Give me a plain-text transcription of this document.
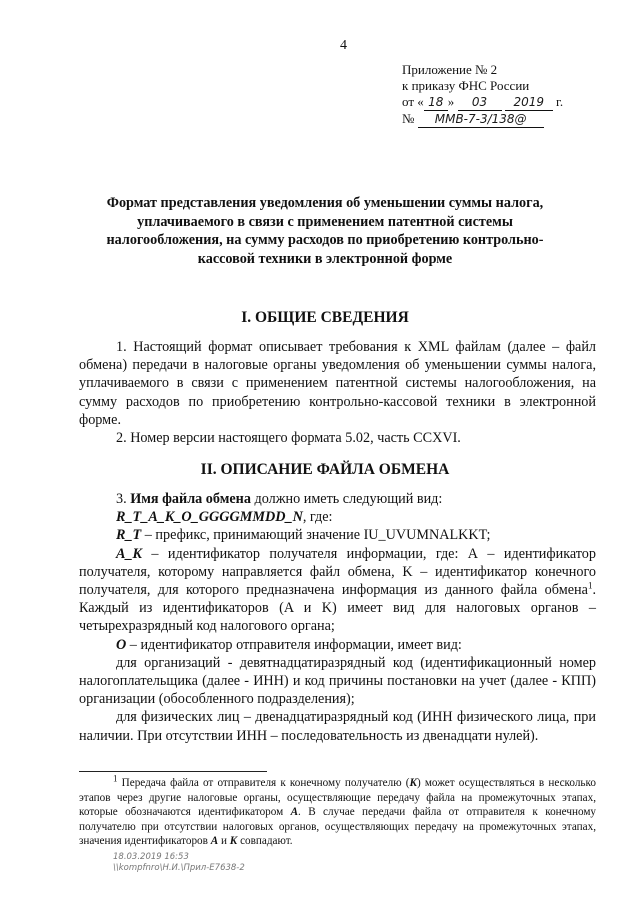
4
Приложение № 2
к приказу ФНС России
от « 18 » 03 2019 г.
№ ММВ-7-3/138@
Формат представления уведомления об уменьшении суммы налога, уплачиваемого в связи с применением патентной системы налогообложения, на сумму расходов по приобретению контрольно-кассовой техники в электронной форме
I. ОБЩИЕ СВЕДЕНИЯ

1. Настоящий формат описывает требования к XML файлам (далее – файл обмена) передачи в налоговые органы уведомления об уменьшении суммы налога, уплачиваемого в связи с применением патентной системы налогообложения, на сумму расходов по приобретению контрольно-кассовой техники в электронной форме.

2. Номер версии настоящего формата 5.02, часть CCXVI.

II. ОПИСАНИЕ ФАЙЛА ОБМЕНА

3. Имя файла обмена должно иметь следующий вид:

R_T_A_K_O_GGGGMMDD_N, где:

R_T – префикс, принимающий значение IU_UVUMNALKKT;

A_K – идентификатор получателя информации, где: А – идентификатор получателя, которому направляется файл обмена, K – идентификатор конечного получателя, для которого предназначена информация из данного файла обмена$^1$. Каждый из идентификаторов (A и K) имеет вид для налоговых органов – четырехразрядный код налогового органа;

O – идентификатор отправителя информации, имеет вид:

для организаций - девятнадцатиразрядный код (идентификационный номер налогоплательщика (далее - ИНН) и код причины постановки на учет (далее - КПП) организации (обособленного подразделения);

для физических лиц – двенадцатиразрядный код (ИНН физического лица, при наличии. При отсутствии ИНН – последовательность из двенадцати нулей).

$^1$ Передача файла от отправителя к конечному получателю (K) может осуществляться в несколько этапов через другие налоговые органы, осуществляющие передачу файла на промежуточных этапах, которые обозначаются идентификатором A. В случае передачи файла от отправителя к конечному получателю при отсутствии налоговых органов, осуществляющих передачу на промежуточных этапах, значения идентификаторов A и K совпадают.
18.03.2019 16:53
\\kompfnro\Н.И.\Прил-E7638-2
